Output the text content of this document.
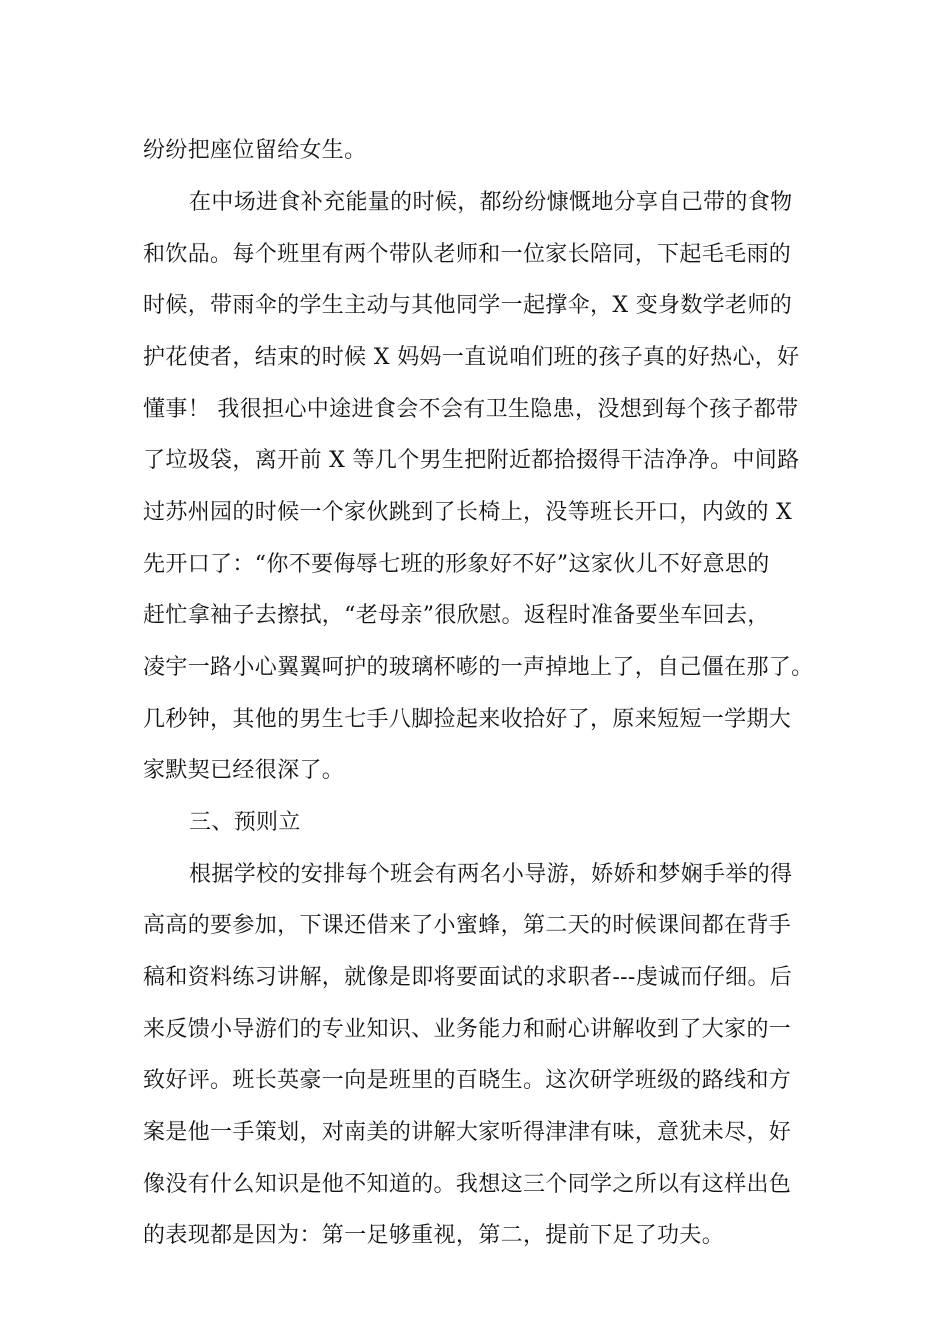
纷纷把座位留给女生。
在中场进食补充能量的时候，都纷纷慷慨地分享自己带的食物
和饮品。每个班里有两个带队老师和一位家长陪同，下起毛毛雨的
时候，带雨伞的学生主动与其他同学一起撑伞，X 变身数学老师的
护花使者，结束的时候 X 妈妈一直说咱们班的孩子真的好热心，好
懂事！ 我很担心中途进食会不会有卫生隐患，没想到每个孩子都带
了垃圾袋，离开前 X 等几个男生把附近都拾掇得干洁净净。中间路
过苏州园的时候一个家伙跳到了长椅上，没等班长开口，内敛的 X
先开口了：“你不要侮辱七班的形象好不好”这家伙儿不好意思的
赶忙拿袖子去擦拭，“老母亲”很欣慰。返程时准备要坐车回去，
凌宇一路小心翼翼呵护的玻璃杯嘭的一声掉地上了，自己僵在那了。
几秒钟，其他的男生七手八脚捡起来收拾好了，原来短短一学期大
家默契已经很深了。
三、预则立
根据学校的安排每个班会有两名小导游，娇娇和梦娴手举的得
高高的要参加，下课还借来了小蜜蜂，第二天的时候课间都在背手
稿和资料练习讲解，就像是即将要面试的求职者---虔诚而仔细。后
来反馈小导游们的专业知识、业务能力和耐心讲解收到了大家的一
致好评。班长英豪一向是班里的百晓生。这次研学班级的路线和方
案是他一手策划，对南美的讲解大家听得津津有味，意犹未尽，好
像没有什么知识是他不知道的。我想这三个同学之所以有这样出色
的表现都是因为：第一足够重视，第二，提前下足了功夫。
